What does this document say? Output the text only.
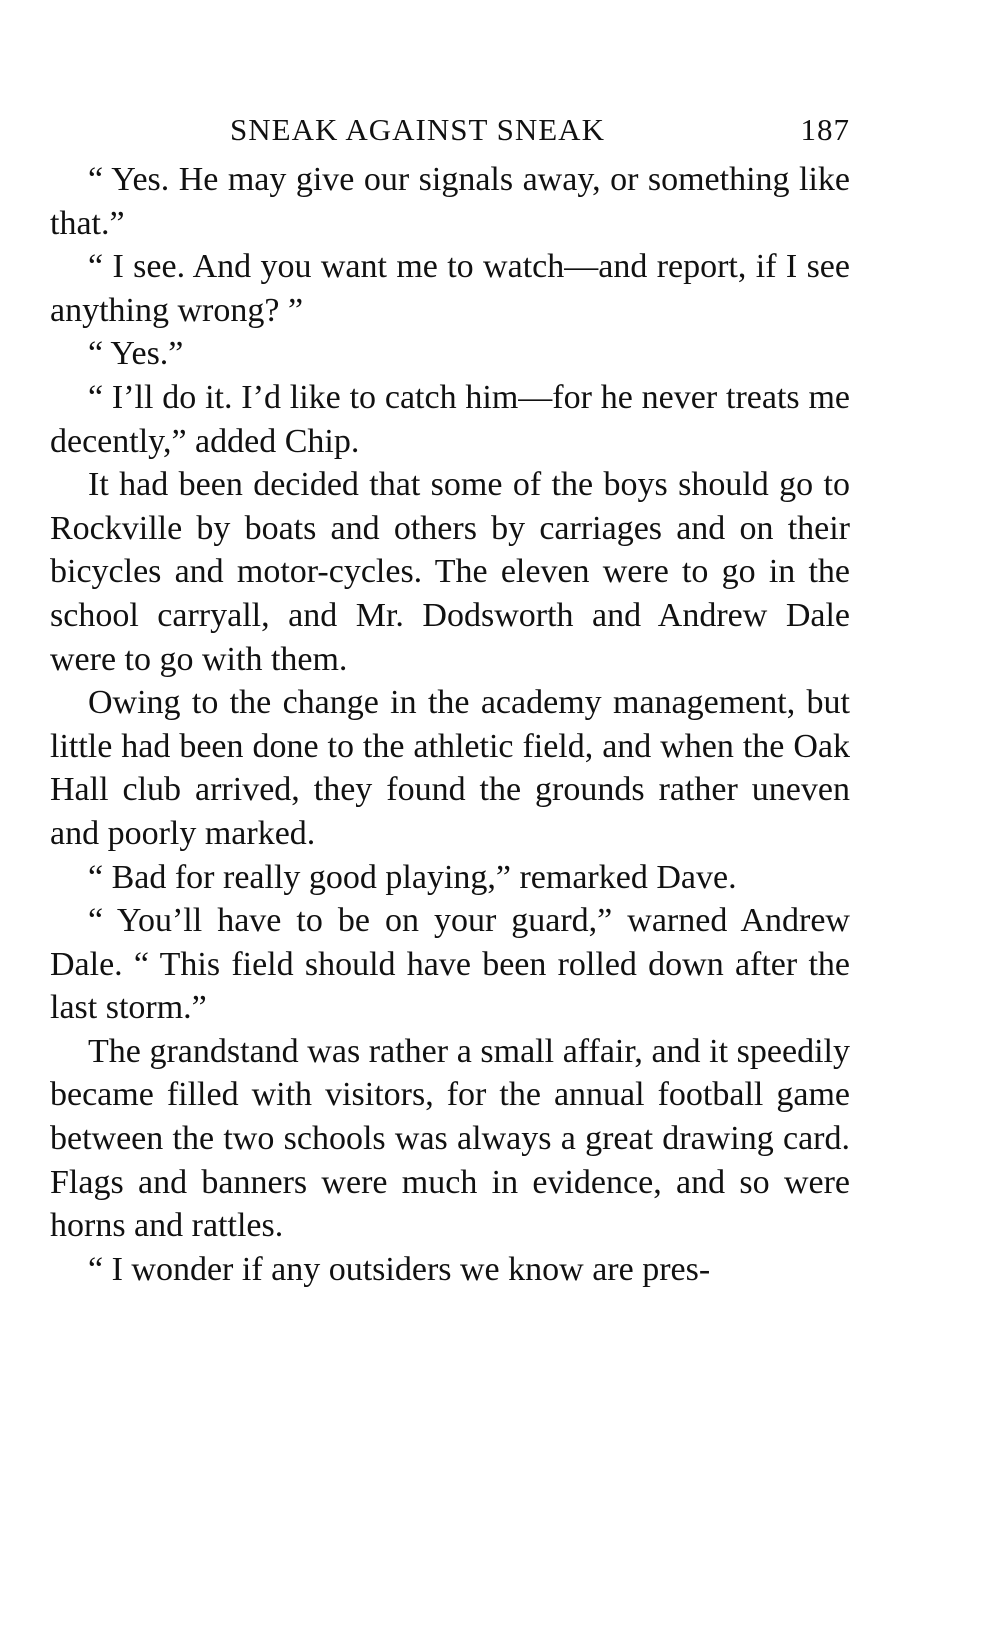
SNEAK AGAINST SNEAK	187

“ Yes. He may give our signals away, or something like that.”

“ I see. And you want me to watch—and report, if I see anything wrong? ”

“ Yes.”

“ I’ll do it. I’d like to catch him—for he never treats me decently,” added Chip.

It had been decided that some of the boys should go to Rockville by boats and others by carriages and on their bicycles and motor-cycles. The eleven were to go in the school carryall, and Mr. Dodsworth and Andrew Dale were to go with them.

Owing to the change in the academy management, but little had been done to the athletic field, and when the Oak Hall club arrived, they found the grounds rather uneven and poorly marked.

“ Bad for really good playing,” remarked Dave.

“ You’ll have to be on your guard,” warned Andrew Dale. “ This field should have been rolled down after the last storm.”

The grandstand was rather a small affair, and it speedily became filled with visitors, for the annual football game between the two schools was always a great drawing card. Flags and banners were much in evidence, and so were horns and rattles.

“ I wonder if any outsiders we know are pres-
